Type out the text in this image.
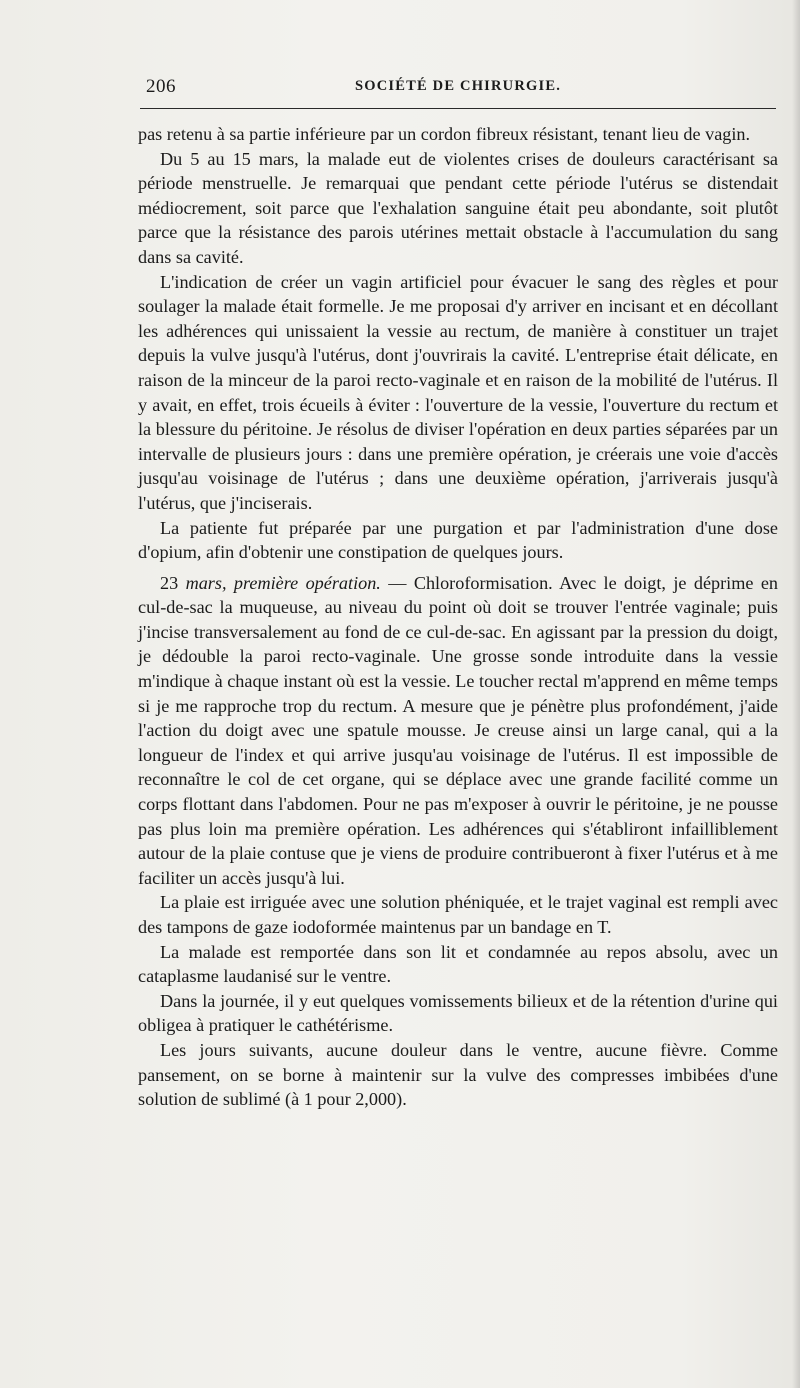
206	SOCIÉTÉ DE CHIRURGIE.

pas retenu à sa partie inférieure par un cordon fibreux résistant, tenant lieu de vagin.

Du 5 au 15 mars, la malade eut de violentes crises de douleurs caractérisant sa période menstruelle. Je remarquai que pendant cette période l'utérus se distendait médiocrement, soit parce que l'exhalation sanguine était peu abondante, soit plutôt parce que la résistance des parois utérines mettait obstacle à l'accumulation du sang dans sa cavité.

L'indication de créer un vagin artificiel pour évacuer le sang des règles et pour soulager la malade était formelle. Je me proposai d'y arriver en incisant et en décollant les adhérences qui unissaient la vessie au rectum, de manière à constituer un trajet depuis la vulve jusqu'à l'utérus, dont j'ouvrirais la cavité. L'entreprise était délicate, en raison de la minceur de la paroi recto-vaginale et en raison de la mobilité de l'utérus. Il y avait, en effet, trois écueils à éviter : l'ouverture de la vessie, l'ouverture du rectum et la blessure du péritoine. Je résolus de diviser l'opération en deux parties séparées par un intervalle de plusieurs jours : dans une première opération, je créerais une voie d'accès jusqu'au voisinage de l'utérus ; dans une deuxième opération, j'arriverais jusqu'à l'utérus, que j'inciserais.

La patiente fut préparée par une purgation et par l'administration d'une dose d'opium, afin d'obtenir une constipation de quelques jours.

23 mars, première opération. — Chloroformisation. Avec le doigt, je déprime en cul-de-sac la muqueuse, au niveau du point où doit se trouver l'entrée vaginale; puis j'incise transversalement au fond de ce cul-de-sac. En agissant par la pression du doigt, je dédouble la paroi recto-vaginale. Une grosse sonde introduite dans la vessie m'indique à chaque instant où est la vessie. Le toucher rectal m'apprend en même temps si je me rapproche trop du rectum. A mesure que je pénètre plus profondément, j'aide l'action du doigt avec une spatule mousse. Je creuse ainsi un large canal, qui a la longueur de l'index et qui arrive jusqu'au voisinage de l'utérus. Il est impossible de reconnaître le col de cet organe, qui se déplace avec une grande facilité comme un corps flottant dans l'abdomen. Pour ne pas m'exposer à ouvrir le péritoine, je ne pousse pas plus loin ma première opération. Les adhérences qui s'établiront infailliblement autour de la plaie contuse que je viens de produire contribueront à fixer l'utérus et à me faciliter un accès jusqu'à lui.

La plaie est irriguée avec une solution phéniquée, et le trajet vaginal est rempli avec des tampons de gaze iodoformée maintenus par un bandage en T.

La malade est remportée dans son lit et condamnée au repos absolu, avec un cataplasme laudanisé sur le ventre.

Dans la journée, il y eut quelques vomissements bilieux et de la rétention d'urine qui obligea à pratiquer le cathétérisme.

Les jours suivants, aucune douleur dans le ventre, aucune fièvre. Comme pansement, on se borne à maintenir sur la vulve des compresses imbibées d'une solution de sublimé (à 1 pour 2,000).
